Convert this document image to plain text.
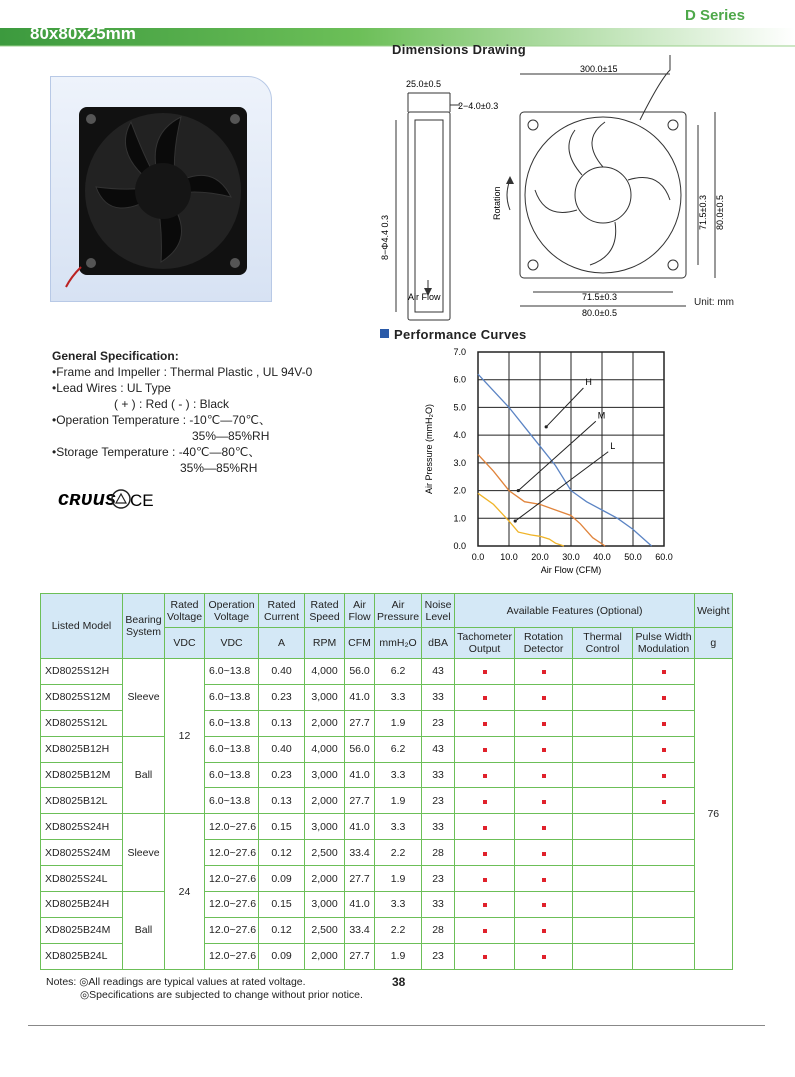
D Series
80x80x25mm
Dimensions Drawing
25.0±0.5
2−4.0±0.3
8−Φ4.4 0.3
Air Flow
300.0±15
71.5±0.3 80.0±0.5
71.5±0.3
80.0±0.5
Rotation
Unit: mm
Performance Curves
0.0 10.0 20.0 30.0 40.0 50.0 60.0
0.0
1.0
2.0
3.0
4.0
5.0
6.0
7.0
Air Flow (CFM)
Air Pressure (mmH₂O)
H
M
L
General Specification:
•Frame and Impeller : Thermal Plastic , UL 94V-0
•Lead Wires : UL Type
( + ) : Red ( - ) : Black
•Operation Temperature : -10℃—70℃、
35%—85%RH
•Storage Temperature : -40℃—80℃、
35%—85%RH
cʀᴜus CE
Listed Model	Bearing System	Rated Voltage	Operation Voltage	Rated Current	Rated Speed	Air Flow	Air Pressure	Noise Level	Available Features (Optional)				Weight
		VDC	VDC	A	RPM	CFM	mmH₂O	dBA	Tachometer Output	Rotation Detector	Thermal Control	Pulse Width Modulation	g
XD8025S12H	Sleeve	12	6.0~13.8	0.40	4,000	56.0	6.2	43					76
XD8025S12M			6.0~13.8	0.23	3,000	41.0	3.3	33					
XD8025S12L			6.0~13.8	0.13	2,000	27.7	1.9	23					
XD8025B12H	Ball		6.0~13.8	0.40	4,000	56.0	6.2	43					
XD8025B12M			6.0~13.8	0.23	3,000	41.0	3.3	33					
XD8025B12L			6.0~13.8	0.13	2,000	27.7	1.9	23					
XD8025S24H	Sleeve	24	12.0~27.6	0.15	3,000	41.0	3.3	33					
XD8025S24M			12.0~27.6	0.12	2,500	33.4	2.2	28					
XD8025S24L			12.0~27.6	0.09	2,000	27.7	1.9	23					
XD8025B24H	Ball		12.0~27.6	0.15	3,000	41.0	3.3	33					
XD8025B24M			12.0~27.6	0.12	2,500	33.4	2.2	28					
XD8025B24L			12.0~27.6	0.09	2,000	27.7	1.9	23					
Notes: ◎All readings are typical values at rated voltage.
◎Specifications are subjected to change without prior notice.
38
